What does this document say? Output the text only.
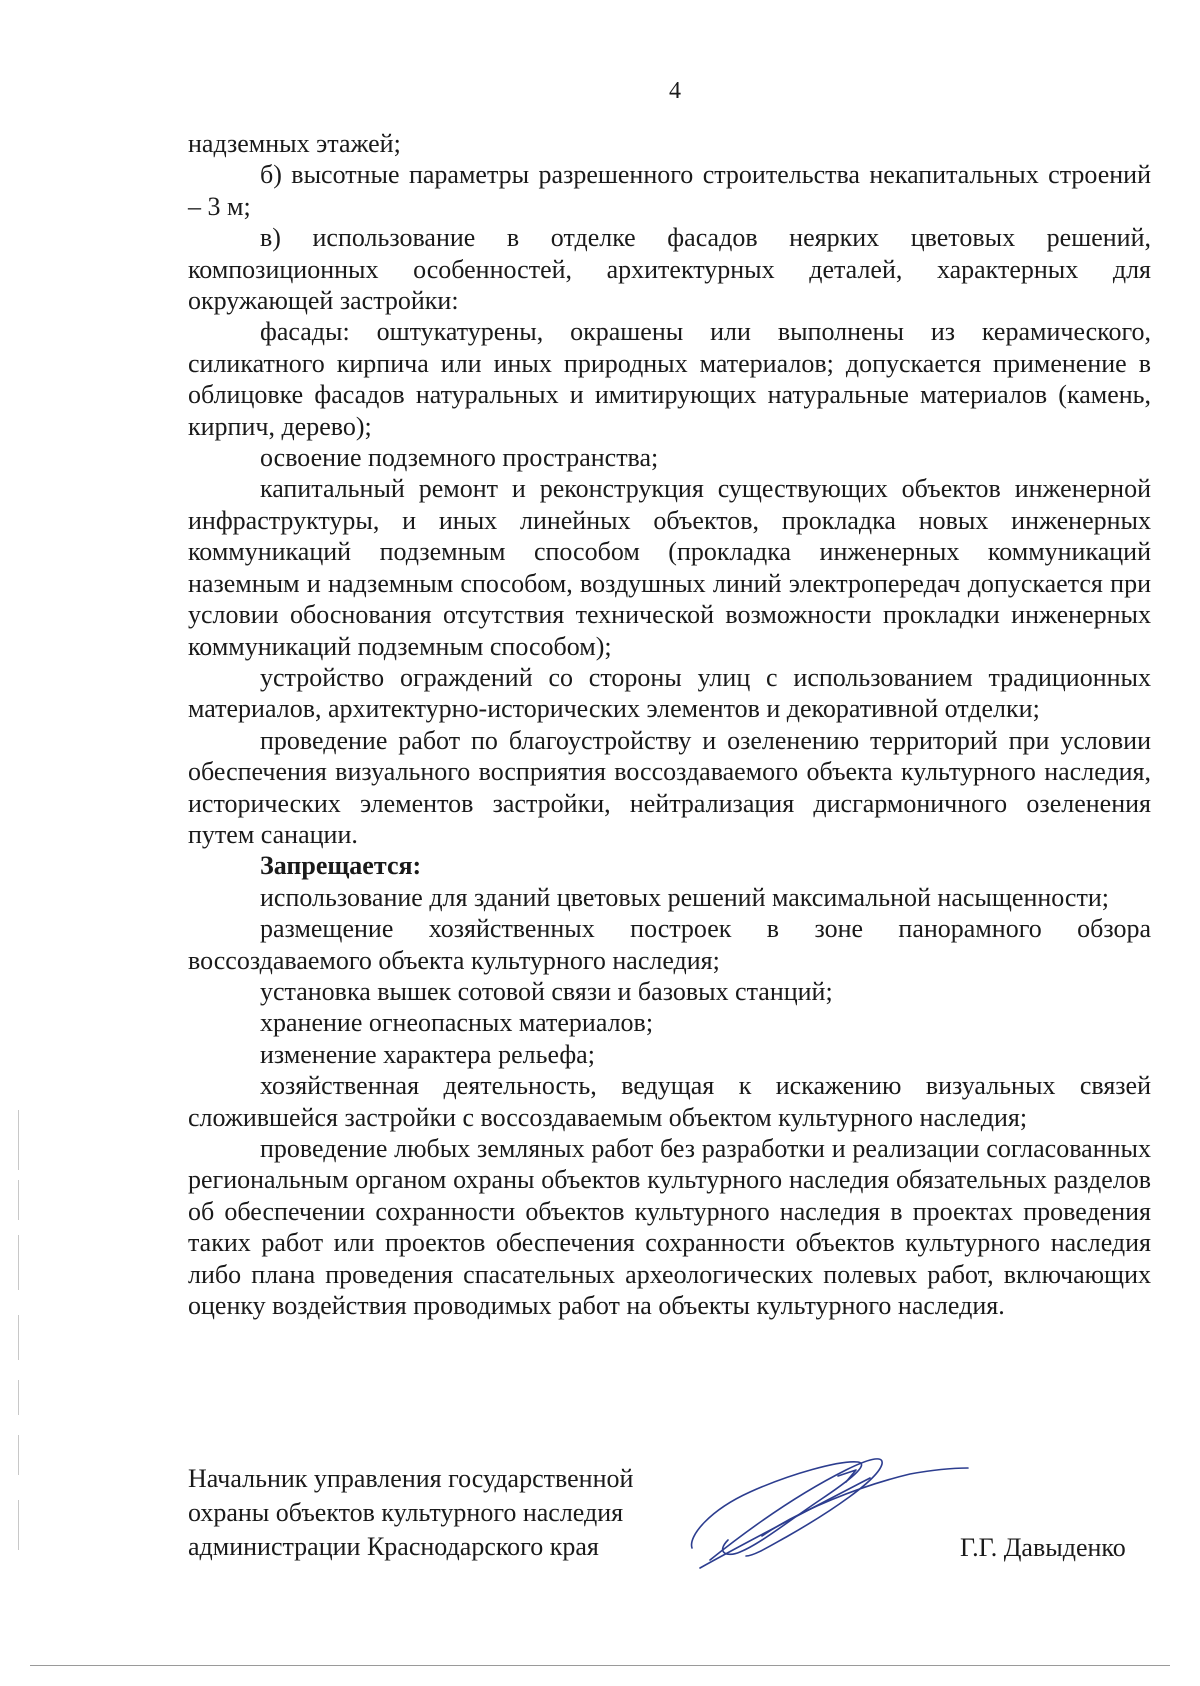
4

надземных этажей;

б) высотные параметры разрешенного строительства некапитальных строений – 3 м;

в) использование в отделке фасадов неярких цветовых решений, композиционных особенностей, архитектурных деталей, характерных для окружающей застройки:

фасады: оштукатурены, окрашены или выполнены из керамического, силикатного кирпича или иных природных материалов; допускается применение в облицовке фасадов натуральных и имитирующих натуральные материалов (камень, кирпич, дерево);

освоение подземного пространства;

капитальный ремонт и реконструкция существующих объектов инженерной инфраструктуры, и иных линейных объектов, прокладка новых инженерных коммуникаций подземным способом (прокладка инженерных коммуникаций наземным и надземным способом, воздушных линий электропередач допускается при условии обоснования отсутствия технической возможности прокладки инженерных коммуникаций подземным способом);

устройство ограждений со стороны улиц с использованием традиционных материалов, архитектурно-исторических элементов и декоративной отделки;

проведение работ по благоустройству и озеленению территорий при условии обеспечения визуального восприятия воссоздаваемого объекта культурного наследия, исторических элементов застройки, нейтрализация дисгармоничного озеленения путем санации.

Запрещается:

использование для зданий цветовых решений максимальной насыщенности;

размещение хозяйственных построек в зоне панорамного обзора воссоздаваемого объекта культурного наследия;

установка вышек сотовой связи и базовых станций;

хранение огнеопасных материалов;

изменение характера рельефа;

хозяйственная деятельность, ведущая к искажению визуальных связей сложившейся застройки с воссоздаваемым объектом культурного наследия;

проведение любых земляных работ без разработки и реализации согласованных региональным органом охраны объектов культурного наследия обязательных разделов об обеспечении сохранности объектов культурного наследия в проектах проведения таких работ или проектов обеспечения сохранности объектов культурного наследия либо плана проведения спасательных археологических полевых работ, включающих оценку воздействия проводимых работ на объекты культурного наследия.

Начальник управления государственной
охраны объектов культурного наследия
администрации Краснодарского края	Г.Г. Давыденко
